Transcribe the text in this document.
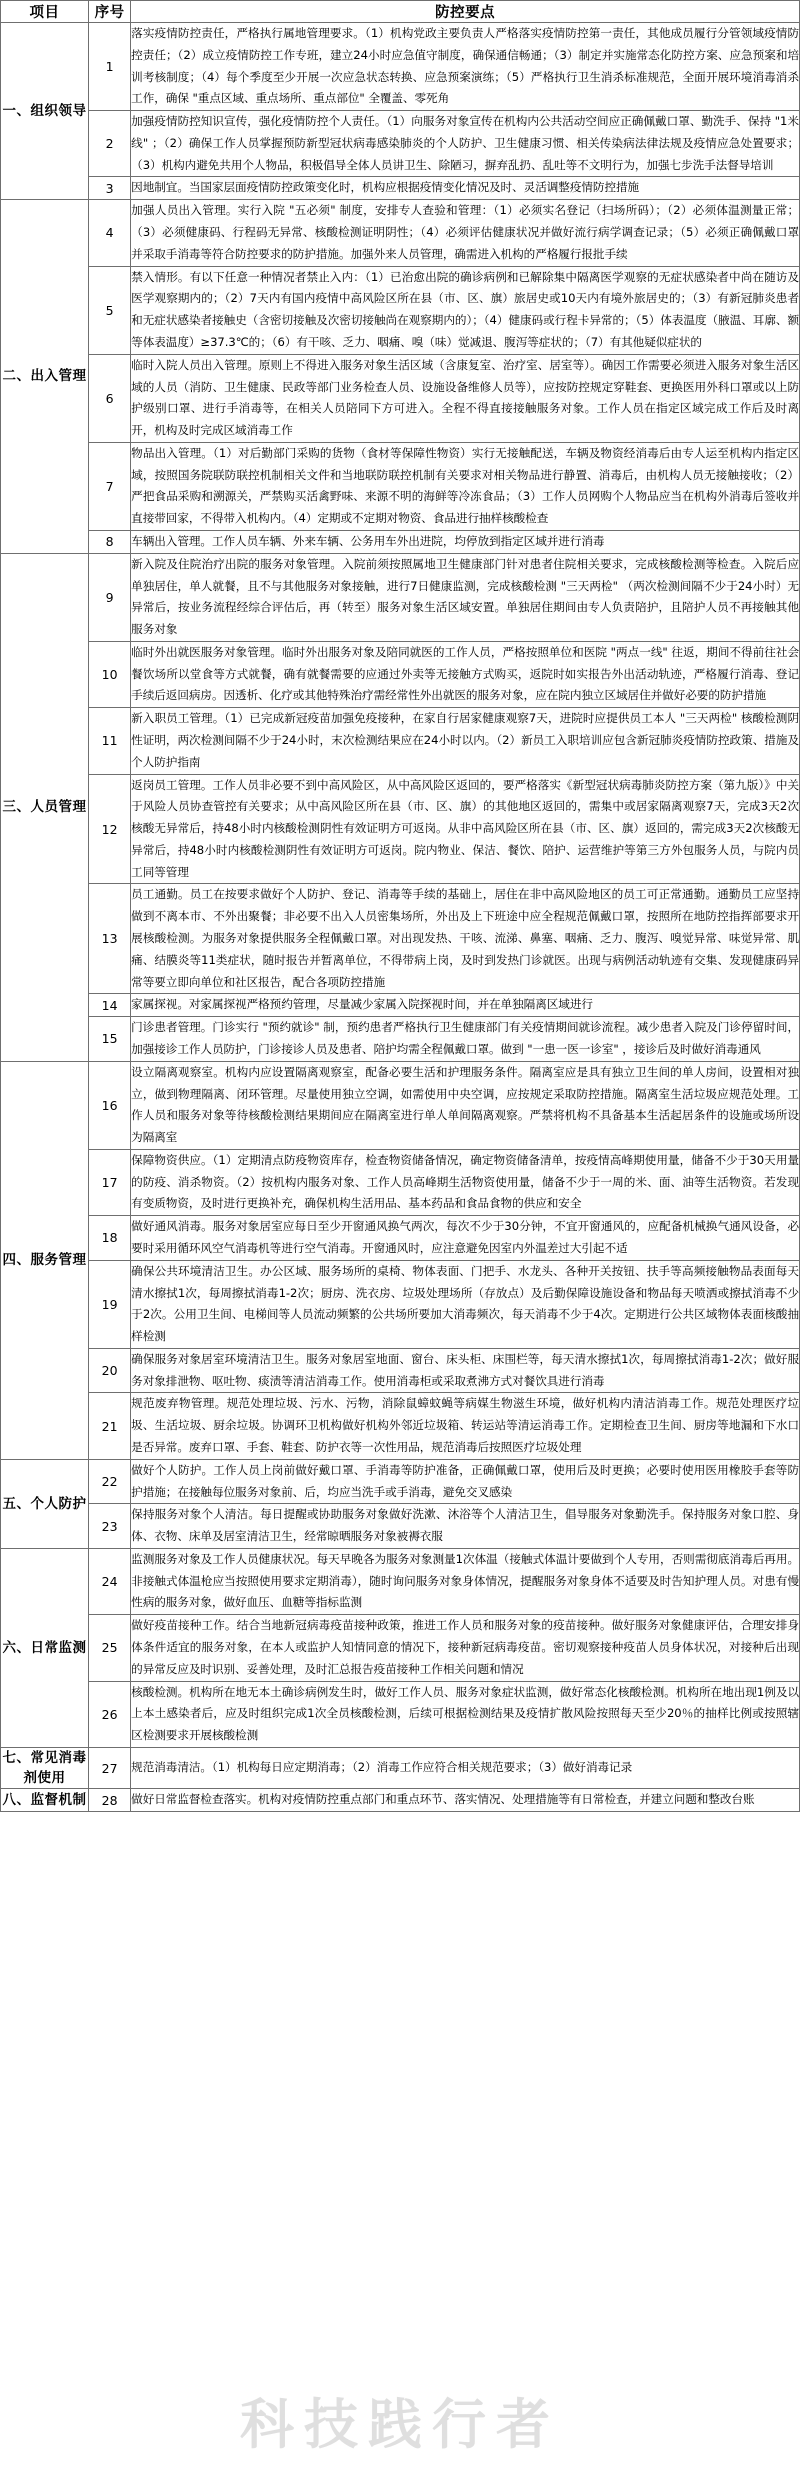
科技践行者
项目	序号	防控要点
一、组织领导	1	落实疫情防控责任，严格执行属地管理要求。（1）机构党政主要负责人严格落实疫情防控第一责任，其他成员履行分管领域疫情防控责任；（2）成立疫情防控工作专班，建立24小时应急值守制度，确保通信畅通；（3）制定并实施常态化防控方案、应急预案和培训考核制度；（4）每个季度至少开展一次应急状态转换、应急预案演练；（5）严格执行卫生消杀标准规范，全面开展环境消毒消杀工作，确保 "重点区域、重点场所、重点部位" 全覆盖、零死角
	2	加强疫情防控知识宣传，强化疫情防控个人责任。（1）向服务对象宣传在机构内公共活动空间应正确佩戴口罩、勤洗手、保持 "1米线" ；（2）确保工作人员掌握预防新型冠状病毒感染肺炎的个人防护、卫生健康习惯、相关传染病法律法规及疫情应急处置要求；（3）机构内避免共用个人物品，积极倡导全体人员讲卫生、除陋习，摒弃乱扔、乱吐等不文明行为，加强七步洗手法督导培训
	3	因地制宜。当国家层面疫情防控政策变化时，机构应根据疫情变化情况及时、灵活调整疫情防控措施
二、出入管理	4	加强人员出入管理。实行入院 "五必须" 制度，安排专人查验和管理：（1）必须实名登记（扫场所码）；（2）必须体温测量正常；（3）必须健康码、行程码无异常、核酸检测证明阴性；（4）必须评估健康状况并做好流行病学调查记录；（5）必须正确佩戴口罩并采取手消毒等符合防控要求的防护措施。加强外来人员管理，确需进入机构的严格履行报批手续
	5	禁入情形。有以下任意一种情况者禁止入内：（1）已治愈出院的确诊病例和已解除集中隔离医学观察的无症状感染者中尚在随访及医学观察期内的；（2）7天内有国内疫情中高风险区所在县（市、区、旗）旅居史或10天内有境外旅居史的；（3）有新冠肺炎患者和无症状感染者接触史（含密切接触及次密切接触尚在观察期内的）；（4）健康码或行程卡异常的；（5）体表温度（腋温、耳廓、额等体表温度）≥37.3℃的；（6）有干咳、乏力、咽痛、嗅（味）觉减退、腹泻等症状的；（7）有其他疑似症状的
	6	临时入院人员出入管理。原则上不得进入服务对象生活区域（含康复室、治疗室、居室等）。确因工作需要必须进入服务对象生活区域的人员（消防、卫生健康、民政等部门业务检查人员、设施设备维修人员等），应按防控规定穿鞋套、更换医用外科口罩或以上防护级别口罩、进行手消毒等，在相关人员陪同下方可进入。全程不得直接接触服务对象。工作人员在指定区域完成工作后及时离开，机构及时完成区域消毒工作
	7	物品出入管理。（1）对后勤部门采购的货物（食材等保障性物资）实行无接触配送，车辆及物资经消毒后由专人运至机构内指定区域，按照国务院联防联控机制相关文件和当地联防联控机制有关要求对相关物品进行静置、消毒后，由机构人员无接触接收；（2）严把食品采购和溯源关，严禁购买活禽野味、来源不明的海鲜等冷冻食品；（3）工作人员网购个人物品应当在机构外消毒后签收并直接带回家，不得带入机构内。（4）定期或不定期对物资、食品进行抽样核酸检查
	8	车辆出入管理。工作人员车辆、外来车辆、公务用车外出进院，均停放到指定区域并进行消毒
三、人员管理	9	新入院及住院治疗出院的服务对象管理。入院前须按照属地卫生健康部门针对患者住院相关要求，完成核酸检测等检查。入院后应单独居住，单人就餐，且不与其他服务对象接触，进行7日健康监测，完成核酸检测 "三天两检" （两次检测间隔不少于24小时）无异常后，按业务流程经综合评估后，再（转至）服务对象生活区域安置。单独居住期间由专人负责陪护，且陪护人员不再接触其他服务对象
	10	临时外出就医服务对象管理。临时外出服务对象及陪同就医的工作人员，严格按照单位和医院 "两点一线" 往返，期间不得前往社会餐饮场所以堂食等方式就餐，确有就餐需要的应通过外卖等无接触方式购买，返院时如实报告外出活动轨迹，严格履行消毒、登记手续后返回病房。因透析、化疗或其他特殊治疗需经常性外出就医的服务对象，应在院内独立区域居住并做好必要的防护措施
	11	新入职员工管理。（1）已完成新冠疫苗加强免疫接种，在家自行居家健康观察7天，进院时应提供员工本人 "三天两检" 核酸检测阴性证明，两次检测间隔不少于24小时，末次检测结果应在24小时以内。（2）新员工入职培训应包含新冠肺炎疫情防控政策、措施及个人防护指南
	12	返岗员工管理。工作人员非必要不到中高风险区，从中高风险区返回的，要严格落实《新型冠状病毒肺炎防控方案（第九版）》中关于风险人员协查管控有关要求；从中高风险区所在县（市、区、旗）的其他地区返回的，需集中或居家隔离观察7天，完成3天2次核酸无异常后，持48小时内核酸检测阴性有效证明方可返岗。从非中高风险区所在县（市、区、旗）返回的，需完成3天2次核酸无异常后，持48小时内核酸检测阴性有效证明方可返岗。院内物业、保洁、餐饮、陪护、运营维护等第三方外包服务人员，与院内员工同等管理
	13	员工通勤。员工在按要求做好个人防护、登记、消毒等手续的基础上，居住在非中高风险地区的员工可正常通勤。通勤员工应坚持做到不离本市、不外出聚餐；非必要不出入人员密集场所，外出及上下班途中应全程规范佩戴口罩，按照所在地防控指挥部要求开展核酸检测。为服务对象提供服务全程佩戴口罩。对出现发热、干咳、流涕、鼻塞、咽痛、乏力、腹泻、嗅觉异常、味觉异常、肌痛、结膜炎等11类症状，随时报告并暂离单位，不得带病上岗，及时到发热门诊就医。出现与病例活动轨迹有交集、发现健康码异常等要立即向单位和社区报告，配合各项防控措施
	14	家属探视。对家属探视严格预约管理，尽量减少家属入院探视时间，并在单独隔离区域进行
	15	门诊患者管理。门诊实行 "预约就诊" 制，预约患者严格执行卫生健康部门有关疫情期间就诊流程。减少患者入院及门诊停留时间，加强接诊工作人员防护，门诊接诊人员及患者、陪护均需全程佩戴口罩。做到 "一患一医一诊室" ，接诊后及时做好消毒通风
四、服务管理	16	设立隔离观察室。机构内应设置隔离观察室，配备必要生活和护理服务条件。隔离室应是具有独立卫生间的单人房间，设置相对独立，做到物理隔离、闭环管理。尽量使用独立空调，如需使用中央空调，应按规定采取防控措施。隔离室生活垃圾应规范处理。工作人员和服务对象等待核酸检测结果期间应在隔离室进行单人单间隔离观察。严禁将机构不具备基本生活起居条件的设施或场所设为隔离室
	17	保障物资供应。（1）定期清点防疫物资库存，检查物资储备情况，确定物资储备清单，按疫情高峰期使用量，储备不少于30天用量的防疫、消杀物资。（2）按机构内服务对象、工作人员高峰期生活物资使用量，储备不少于一周的米、面、油等生活物资。若发现有变质物资，及时进行更换补充，确保机构生活用品、基本药品和食品食物的供应和安全
	18	做好通风消毒。服务对象居室应每日至少开窗通风换气两次，每次不少于30分钟，不宜开窗通风的，应配备机械换气通风设备，必要时采用循环风空气消毒机等进行空气消毒。开窗通风时，应注意避免因室内外温差过大引起不适
	19	确保公共环境清洁卫生。办公区域、服务场所的桌椅、物体表面、门把手、水龙头、各种开关按钮、扶手等高频接触物品表面每天清水擦拭1次，每周擦拭消毒1-2次；厨房、洗衣房、垃圾处理场所（存放点）及后勤保障设施设备和物品每天喷洒或擦拭消毒不少于2次。公用卫生间、电梯间等人员流动频繁的公共场所要加大消毒频次，每天消毒不少于4次。定期进行公共区域物体表面核酸抽样检测
	20	确保服务对象居室环境清洁卫生。服务对象居室地面、窗台、床头柜、床围栏等，每天清水擦拭1次，每周擦拭消毒1-2次；做好服务对象排泄物、呕吐物、痰渍等清洁消毒工作。使用消毒柜或采取煮沸方式对餐饮具进行消毒
	21	规范废弃物管理。规范处理垃圾、污水、污物，消除鼠蟑蚊蝇等病媒生物滋生环境，做好机构内清洁消毒工作。规范处理医疗垃圾、生活垃圾、厨余垃圾。协调环卫机构做好机构外邻近垃圾箱、转运站等清运消毒工作。定期检查卫生间、厨房等地漏和下水口是否异常。废弃口罩、手套、鞋套、防护衣等一次性用品，规范消毒后按照医疗垃圾处理
五、个人防护	22	做好个人防护。工作人员上岗前做好戴口罩、手消毒等防护准备，正确佩戴口罩，使用后及时更换；必要时使用医用橡胶手套等防护措施；在接触每位服务对象前、后，均应当洗手或手消毒，避免交叉感染
	23	保持服务对象个人清洁。每日提醒或协助服务对象做好洗漱、沐浴等个人清洁卫生，倡导服务对象勤洗手。保持服务对象口腔、身体、衣物、床单及居室清洁卫生，经常晾晒服务对象被褥衣服
六、日常监测	24	监测服务对象及工作人员健康状况。每天早晚各为服务对象测量1次体温（接触式体温计要做到个人专用，否则需彻底消毒后再用。非接触式体温枪应当按照使用要求定期消毒），随时询问服务对象身体情况，提醒服务对象身体不适要及时告知护理人员。对患有慢性病的服务对象，做好血压、血糖等指标监测
	25	做好疫苗接种工作。结合当地新冠病毒疫苗接种政策，推进工作人员和服务对象的疫苗接种。做好服务对象健康评估，合理安排身体条件适宜的服务对象，在本人或监护人知情同意的情况下，接种新冠病毒疫苗。密切观察接种疫苗人员身体状况，对接种后出现的异常反应及时识别、妥善处理，及时汇总报告疫苗接种工作相关问题和情况
	26	核酸检测。机构所在地无本土确诊病例发生时，做好工作人员、服务对象症状监测，做好常态化核酸检测。机构所在地出现1例及以上本土感染者后，应及时组织完成1次全员核酸检测，后续可根据检测结果及疫情扩散风险按照每天至少20％的抽样比例或按照辖区检测要求开展核酸检测
七、常见消毒剂使用	27	规范消毒清洁。（1）机构每日应定期消毒；（2）消毒工作应符合相关规范要求；（3）做好消毒记录
八、监督机制	28	做好日常监督检查落实。机构对疫情防控重点部门和重点环节、落实情况、处理措施等有日常检查，并建立问题和整改台账
